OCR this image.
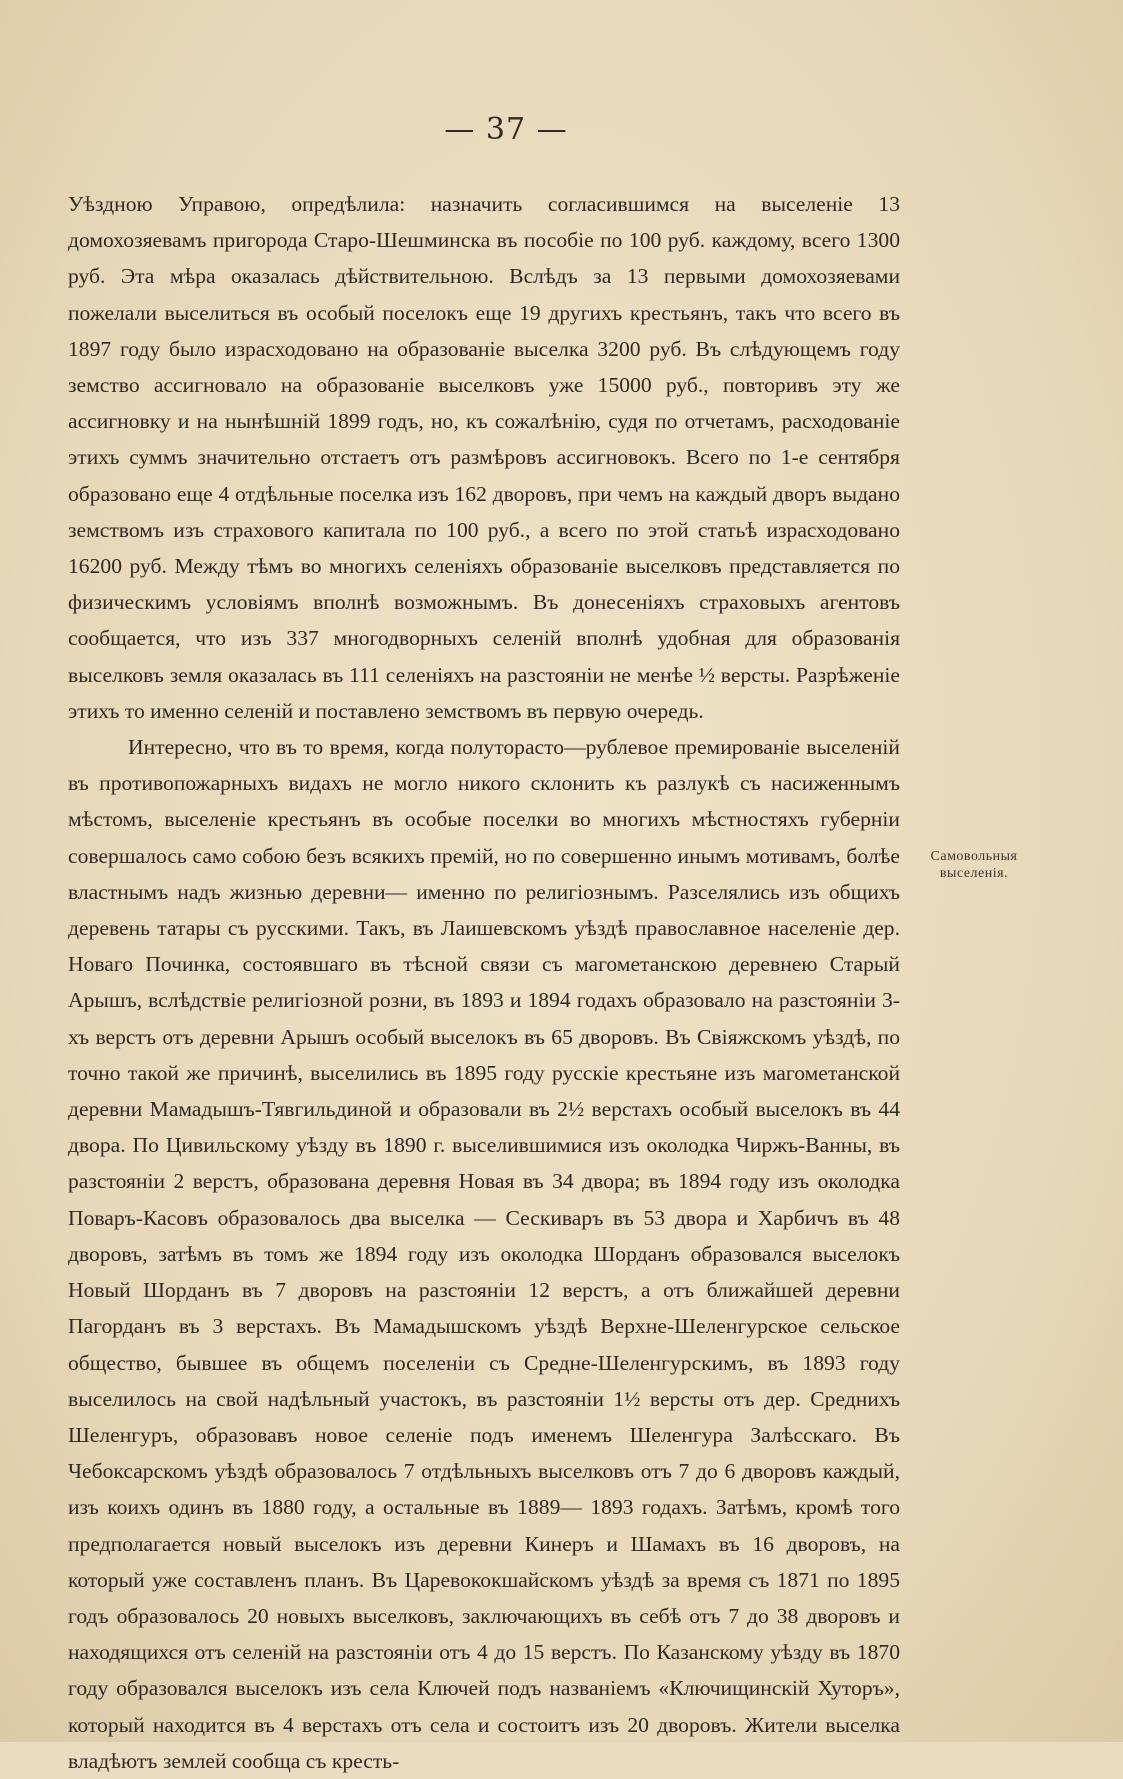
— 37 —

Уѣздною Управою, опредѣлила: назначить согласившимся на выселеніе 13 домохозяевамъ пригорода Старо-Шешминска въ пособіе по 100 руб. каждому, всего 1300 руб. Эта мѣра оказалась дѣйствительною. Вслѣдъ за 13 первыми домохозяевами пожелали выселиться въ особый поселокъ еще 19 другихъ крестьянъ, такъ что всего въ 1897 году было израсходовано на образованіе выселка 3200 руб. Въ слѣдующемъ году земство ассигновало на образованіе выселковъ уже 15000 руб., повторивъ эту же ассигновку и на нынѣшній 1899 годъ, но, къ сожалѣнію, судя по отчетамъ, расходованіе этихъ суммъ значительно отстаетъ отъ размѣровъ ассигновокъ. Всего по 1-е сентября образовано еще 4 отдѣльные поселка изъ 162 дворовъ, при чемъ на каждый дворъ выдано земствомъ изъ страхового капитала по 100 руб., а всего по этой статьѣ израсходовано 16200 руб. Между тѣмъ во многихъ селеніяхъ образованіе выселковъ представляется по физическимъ условіямъ вполнѣ возможнымъ. Въ донесеніяхъ страховыхъ агентовъ сообщается, что изъ 337 многодворныхъ селеній вполнѣ удобная для образованія выселковъ земля оказалась въ 111 селеніяхъ на разстояніи не менѣе ½ версты. Разрѣженіе этихъ то именно селеній и поставлено земствомъ въ первую очередь.

Интересно, что въ то время, когда полуторасто—рублевое премированіе выселеній въ противопожарныхъ видахъ не могло никого склонить къ разлукѣ съ насиженнымъ мѣстомъ, выселеніе крестьянъ въ особые поселки во многихъ мѣстностяхъ губерніи совершалось само собою безъ всякихъ премій, но по совершенно инымъ мотивамъ, болѣе властнымъ надъ жизнью деревни— именно по религіознымъ. Разселялись изъ общихъ деревень татары съ русскими. Такъ, въ Лаишевскомъ уѣздѣ православное населеніе дер. Новаго Починка, состоявшаго въ тѣсной связи съ магометанскою деревнею Старый Арышъ, вслѣдствіе религіозной розни, въ 1893 и 1894 годахъ образовало на разстояніи 3-хъ верстъ отъ деревни Арышъ особый выселокъ въ 65 дворовъ. Въ Свіяжскомъ уѣздѣ, по точно такой же причинѣ, выселились въ 1895 году русскіе крестьяне изъ магометанской деревни Мамадышъ-Тявгильдиной и образовали въ 2½ верстахъ особый выселокъ въ 44 двора. По Цивильскому уѣзду въ 1890 г. выселившимися изъ околодка Чиржъ-Ванны, въ разстояніи 2 верстъ, образована деревня Новая въ 34 двора; въ 1894 году изъ околодка Поваръ-Касовъ образовалось два выселка — Сескиваръ въ 53 двора и Харбичъ въ 48 дворовъ, затѣмъ въ томъ же 1894 году изъ околодка Шорданъ образовался выселокъ Новый Шорданъ въ 7 дворовъ на разстояніи 12 верстъ, а отъ ближайшей деревни Пагорданъ въ 3 верстахъ. Въ Мамадышскомъ уѣздѣ Верхне-Шеленгурское сельское общество, бывшее въ общемъ поселеніи съ Средне-Шеленгурскимъ, въ 1893 году выселилось на свой надѣльный участокъ, въ разстояніи 1½ версты отъ дер. Среднихъ Шеленгуръ, образовавъ новое селеніе подъ именемъ Шеленгура Залѣсскаго. Въ Чебоксарскомъ уѣздѣ образовалось 7 отдѣльныхъ выселковъ отъ 7 до 6 дворовъ каждый, изъ коихъ одинъ въ 1880 году, а остальные въ 1889— 1893 годахъ. Затѣмъ, кромѣ того предполагается новый выселокъ изъ деревни Кинеръ и Шамахъ въ 16 дворовъ, на который уже составленъ планъ. Въ Царевококшайскомъ уѣздѣ за время съ 1871 по 1895 годъ образовалось 20 новыхъ выселковъ, заключающихъ въ себѣ отъ 7 до 38 дворовъ и находящихся отъ селеній на разстояніи отъ 4 до 15 верстъ. По Казанскому уѣзду въ 1870 году образовался выселокъ изъ села Ключей подъ названіемъ «Ключищинскій Хуторъ», который находится въ 4 верстахъ отъ села и состоитъ изъ 20 дворовъ. Жители выселка владѣютъ землей сообща съ кресть-

Самовольныя
выселенія.
